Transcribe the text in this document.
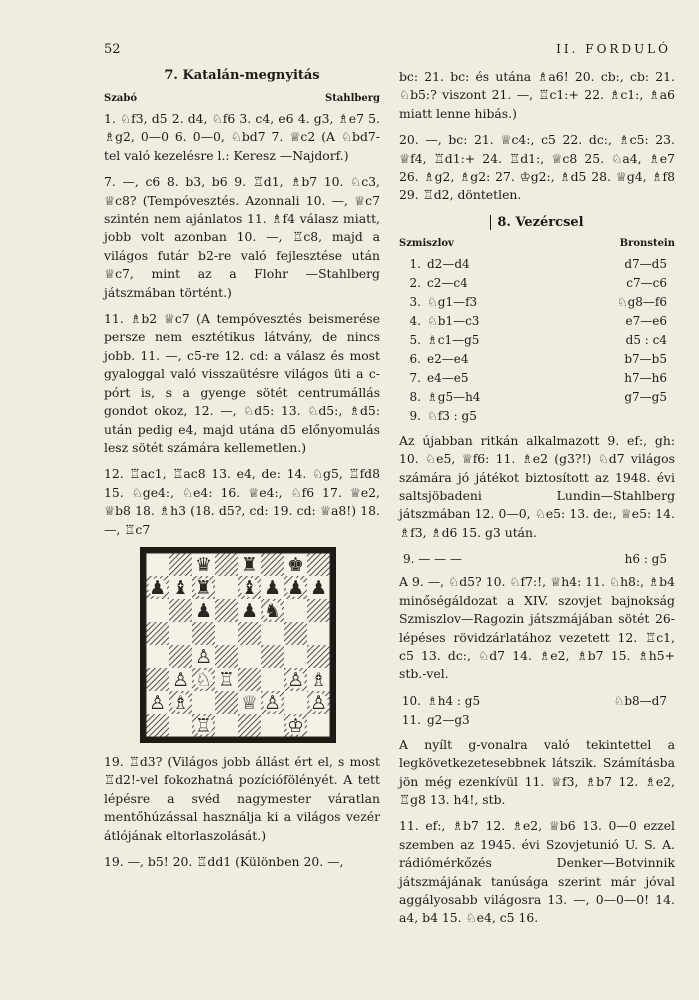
52	II. FORDULÓ
7. Katalán-megnyitás
Szabó	Stahlberg

1. ♘f3, d5 2. d4, ♘f6 3. c4, e6 4. g3, ♗e7 5. ♗g2, 0—0 6. 0—0, ♘bd7 7. ♕c2 (A ♘bd7-tel való kezelésre l.: Keresz —Najdorf.)

7. —, c6 8. b3, b6 9. ♖d1, ♗b7 10. ♘c3, ♕c8? (Tempóvesztés. Azonnali 10. —, ♕c7 szintén nem ajánlatos 11. ♗f4 válasz miatt, jobb volt azonban 10. —, ♖c8, majd a világos futár b2-re való fejlesztése után ♕c7, mint az a Flohr —Stahlberg játszmában történt.)

11. ♗b2 ♕c7 (A tempóvesztés beismerése persze nem esztétikus látvány, de nincs jobb. 11. —, c5-re 12. cd: a válasz és most gyaloggal való visszaütésre világos üti a c-pórt is, s a gyenge sötét centrumállás gondot okoz, 12. —, ♘d5: 13. ♘d5:, ♗d5: után pedig e4, majd utána d5 előnyomulás lesz sötét számára kellemetlen.)

12. ♖ac1, ♖ac8 13. e4, de: 14. ♘g5, ♖fd8 15. ♘ge4:, ♘e4: 16. ♕e4:, ♘f6 17. ♕e2, ♕b8 18. ♗h3 (18. d5?, cd: 19. cd: ♕a8!) 18. —, ♖c7

♛ ♜ ♚
♟ ♝ ♜ ♝ ♟ ♟ ♟
♟ ♟ ♞
♙
♙ ♘ ♖	♙ ♗
♙ ♗	♕ ♙ ♙
♖	♔

19. ♖d3? (Világos jobb állást ért el, s most ♖d2!-vel fokozhatná pozíciófölényét. A tett lépésre a svéd nagymester váratlan mentőhúzással használja ki a világos vezér átlójának eltorlaszolását.)

19. —, b5! 20. ♖dd1 (Különben 20. —,

bc: 21. bc: és utána ♗a6! 20. cb:, cb: 21. ♘b5:? viszont 21. —, ♖c1:+ 22. ♗c1:, ♗a6 miatt lenne hibás.)

20. —, bc: 21. ♕c4:, c5 22. dc:, ♗c5: 23. ♕f4, ♖d1:+ 24. ♖d1:, ♕c8 25. ♘a4, ♗e7 26. ♗g2, ♗g2: 27. ♔g2:, ♗d5 28. ♕g4, ♗f8 29. ♖d2, döntetlen.

8. Vezércsel
Szmiszlov	Bronstein
1.	d2—d4	d7—d5
2.	c2—c4	c7—c6
3.	♘g1—f3	♘g8—f6
4.	♘b1—c3	e7—e6
5.	♗c1—g5	d5 : c4
6.	e2—e4	b7—b5
7.	e4—e5	h7—h6
8.	♗g5—h4	g7—g5
9.	♘f3 : g5	

Az újabban ritkán alkalmazott 9. ef:, gh: 10. ♘e5, ♕f6: 11. ♗e2 (g3?!) ♘d7 világos számára jó játékot biztosított az 1948. évi saltsjöbadeni Lundin—Stahlberg játszmában 12. 0—0, ♘e5: 13. de:, ♕e5: 14. ♗f3, ♗d6 15. g3 után.

9. — — —	h6 : g5

A 9. —, ♘d5? 10. ♘f7:!, ♕h4: 11. ♘h8:, ♗b4 minőségáldozat a XIV. szovjet bajnokság Szmiszlov—Ragozin játszmájában sötét 26-lépéses rövidzárlatához vezetett 12. ♖c1, c5 13. dc:, ♘d7 14. ♗e2, ♗b7 15. ♗h5+ stb.-vel.

10.	♗h4 : g5	♘b8—d7
11.	g2—g3	

A nyílt g-vonalra való tekintettel a legkövetkezetesebbnek látszik. Számításba jön még ezenkívül 11. ♕f3, ♗b7 12. ♗e2, ♖g8 13. h4!, stb.

11. ef:, ♗b7 12. ♗e2, ♕b6 13. 0—0 ezzel szemben az 1945. évi Szovjetunió U. S. A. rádiómérkőzés Denker—Botvinnik játszmájának tanúsága szerint már jóval aggályosabb világosra 13. —, 0—0—0! 14. a4, b4 15. ♘e4, c5 16.
